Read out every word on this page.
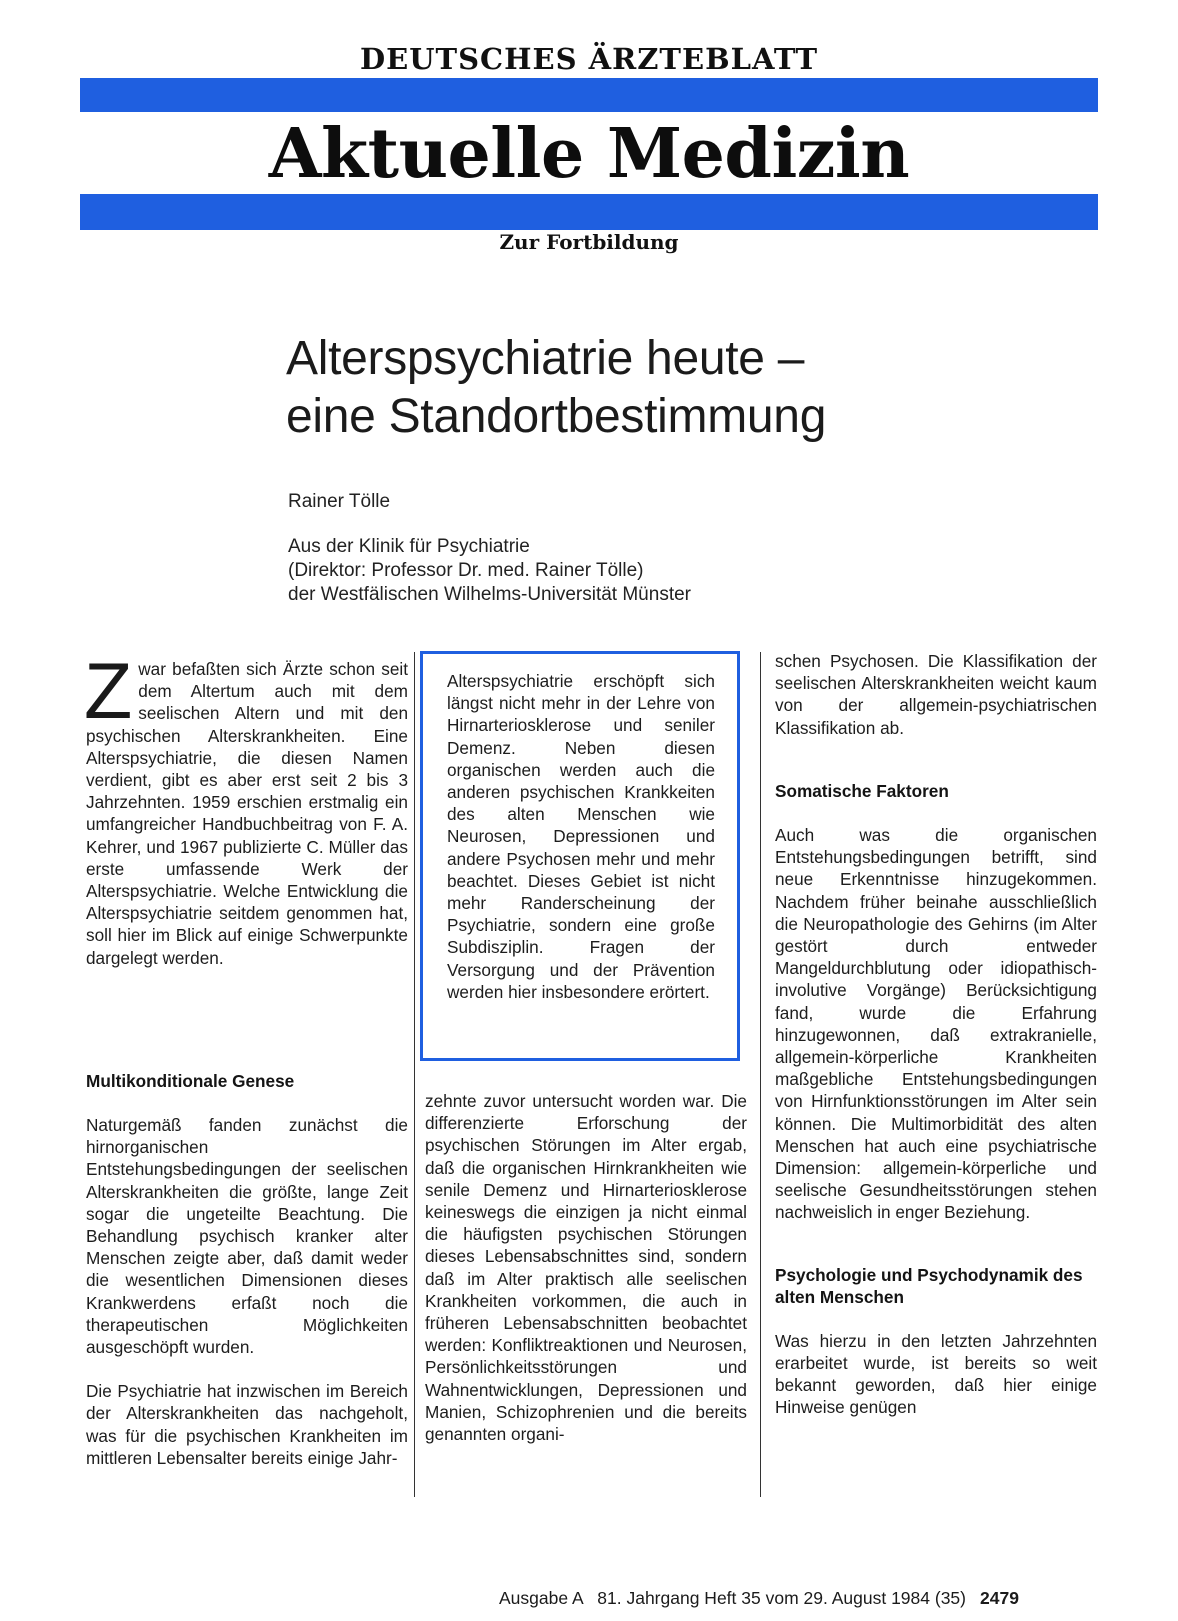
DEUTSCHES ÄRZTEBLATT
Aktuelle Medizin
Zur Fortbildung
Alterspsychiatrie heute –
eine Standortbestimmung
Rainer Tölle
Aus der Klinik für Psychiatrie
(Direktor: Professor Dr. med. Rainer Tölle)
der Westfälischen Wilhelms-Universität Münster
Z war befaßten sich Ärzte schon seit dem Altertum auch mit dem seelischen Altern und mit den psychischen Alterskrankheiten. Eine Alterspsychiatrie, die diesen Namen verdient, gibt es aber erst seit 2 bis 3 Jahrzehnten. 1959 erschien erstmalig ein umfangreicher Handbuchbeitrag von F. A. Kehrer, und 1967 publizierte C. Müller das erste umfassende Werk der Alterspsychiatrie. Welche Entwicklung die Alterspsychiatrie seitdem genommen hat, soll hier im Blick auf einige Schwerpunkte dargelegt werden.

Multikonditionale Genese

Naturgemäß fanden zunächst die hirnorganischen Entstehungsbedingungen der seelischen Alterskrankheiten die größte, lange Zeit sogar die ungeteilte Beachtung. Die Behandlung psychisch kranker alter Menschen zeigte aber, daß damit weder die wesentlichen Dimensionen dieses Krankwerdens erfaßt noch die therapeutischen Möglichkeiten ausgeschöpft wurden.

Die Psychiatrie hat inzwischen im Bereich der Alterskrankheiten das nachgeholt, was für die psychischen Krankheiten im mittleren Lebensalter bereits einige Jahr-

Alterspsychiatrie erschöpft sich längst nicht mehr in der Lehre von Hirnarteriosklerose und seniler Demenz. Neben diesen organischen werden auch die anderen psychischen Krankkeiten des alten Menschen wie Neurosen, Depressionen und andere Psychosen mehr und mehr beachtet. Dieses Gebiet ist nicht mehr Randerscheinung der Psychiatrie, sondern eine große Subdisziplin. Fragen der Versorgung und der Prävention werden hier insbesondere erörtert.

zehnte zuvor untersucht worden war. Die differenzierte Erforschung der psychischen Störungen im Alter ergab, daß die organischen Hirnkrankheiten wie senile Demenz und Hirnarteriosklerose keineswegs die einzigen ja nicht einmal die häufigsten psychischen Störungen dieses Lebensabschnittes sind, sondern daß im Alter praktisch alle seelischen Krankheiten vorkommen, die auch in früheren Lebensabschnitten beobachtet werden: Konfliktreaktionen und Neurosen, Persönlichkeitsstörungen und Wahnentwicklungen, Depressionen und Manien, Schizophrenien und die bereits genannten organi-

schen Psychosen. Die Klassifikation der seelischen Alterskrankheiten weicht kaum von der allgemein-psychiatrischen Klassifikation ab.

Somatische Faktoren

Auch was die organischen Entstehungsbedingungen betrifft, sind neue Erkenntnisse hinzugekommen. Nachdem früher beinahe ausschließlich die Neuropathologie des Gehirns (im Alter gestört durch entweder Mangeldurchblutung oder idiopathisch-involutive Vorgänge) Berücksichtigung fand, wurde die Erfahrung hinzugewonnen, daß extrakranielle, allgemein-körperliche Krankheiten maßgebliche Entstehungsbedingungen von Hirnfunktionsstörungen im Alter sein können. Die Multimorbidität des alten Menschen hat auch eine psychiatrische Dimension: allgemein-körperliche und seelische Gesundheitsstörungen stehen nachweislich in enger Beziehung.

Psychologie und Psychodynamik des alten Menschen

Was hierzu in den letzten Jahrzehnten erarbeitet wurde, ist bereits so weit bekannt geworden, daß hier einige Hinweise genügen

Ausgabe A   81. Jahrgang Heft 35 vom 29. August 1984 (35) 2479
